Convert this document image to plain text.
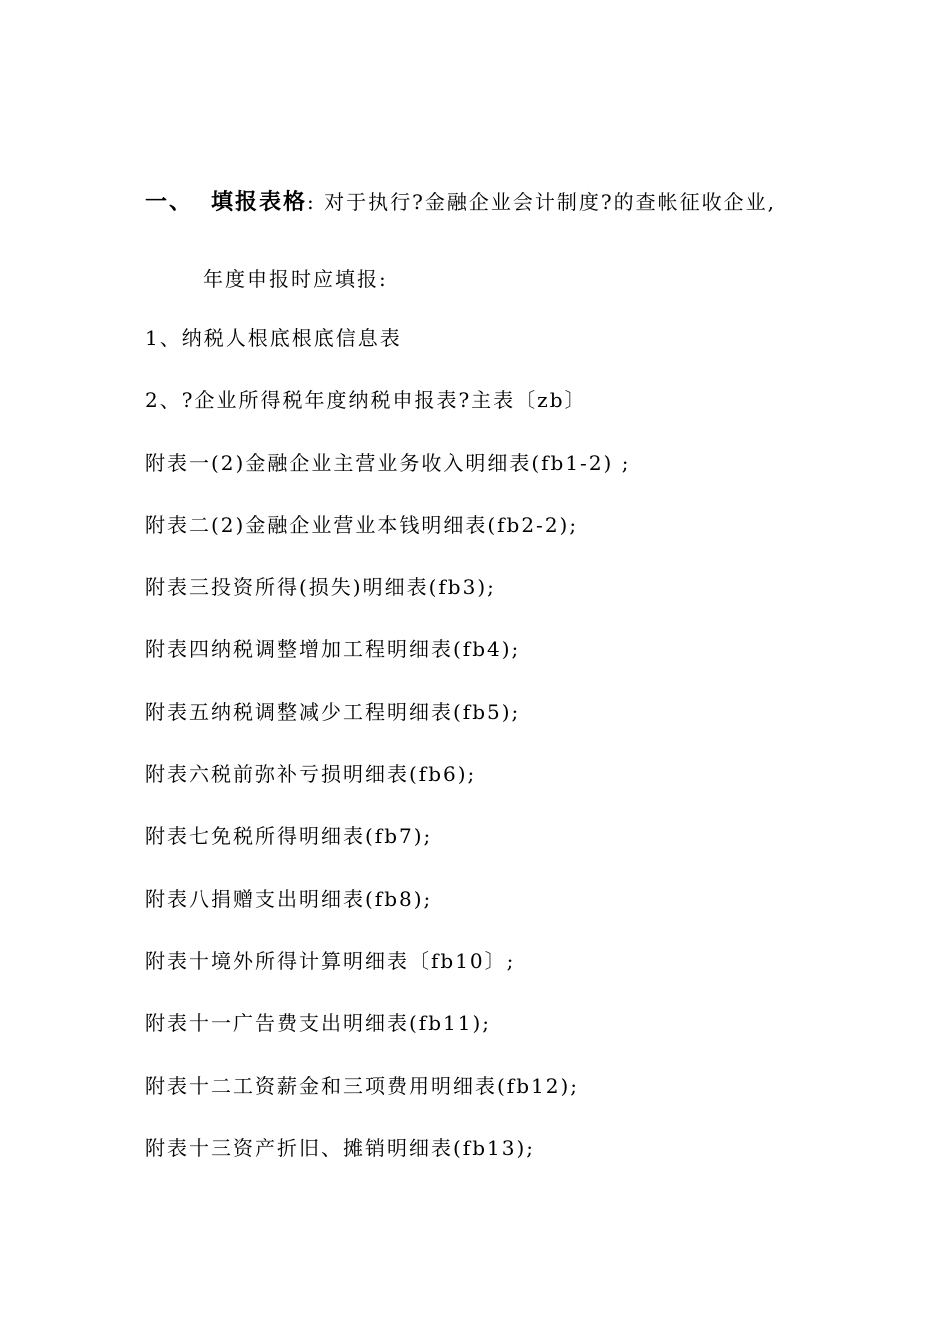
一、 填报表格: 对于执行?金融企业会计制度?的查帐征收企业,
年度申报时应填报:
1、纳税人根底根底信息表
2、?企业所得税年度纳税申报表?主表〔zb〕
附表一(2)金融企业主营业务收入明细表(fb1-2) ;
附表二(2)金融企业营业本钱明细表(fb2-2);
附表三投资所得(损失)明细表(fb3);
附表四纳税调整增加工程明细表(fb4);
附表五纳税调整减少工程明细表(fb5);
附表六税前弥补亏损明细表(fb6);
附表七免税所得明细表(fb7);
附表八捐赠支出明细表(fb8);
附表十境外所得计算明细表〔fb10〕;
附表十一广告费支出明细表(fb11);
附表十二工资薪金和三项费用明细表(fb12);
附表十三资产折旧、摊销明细表(fb13);
